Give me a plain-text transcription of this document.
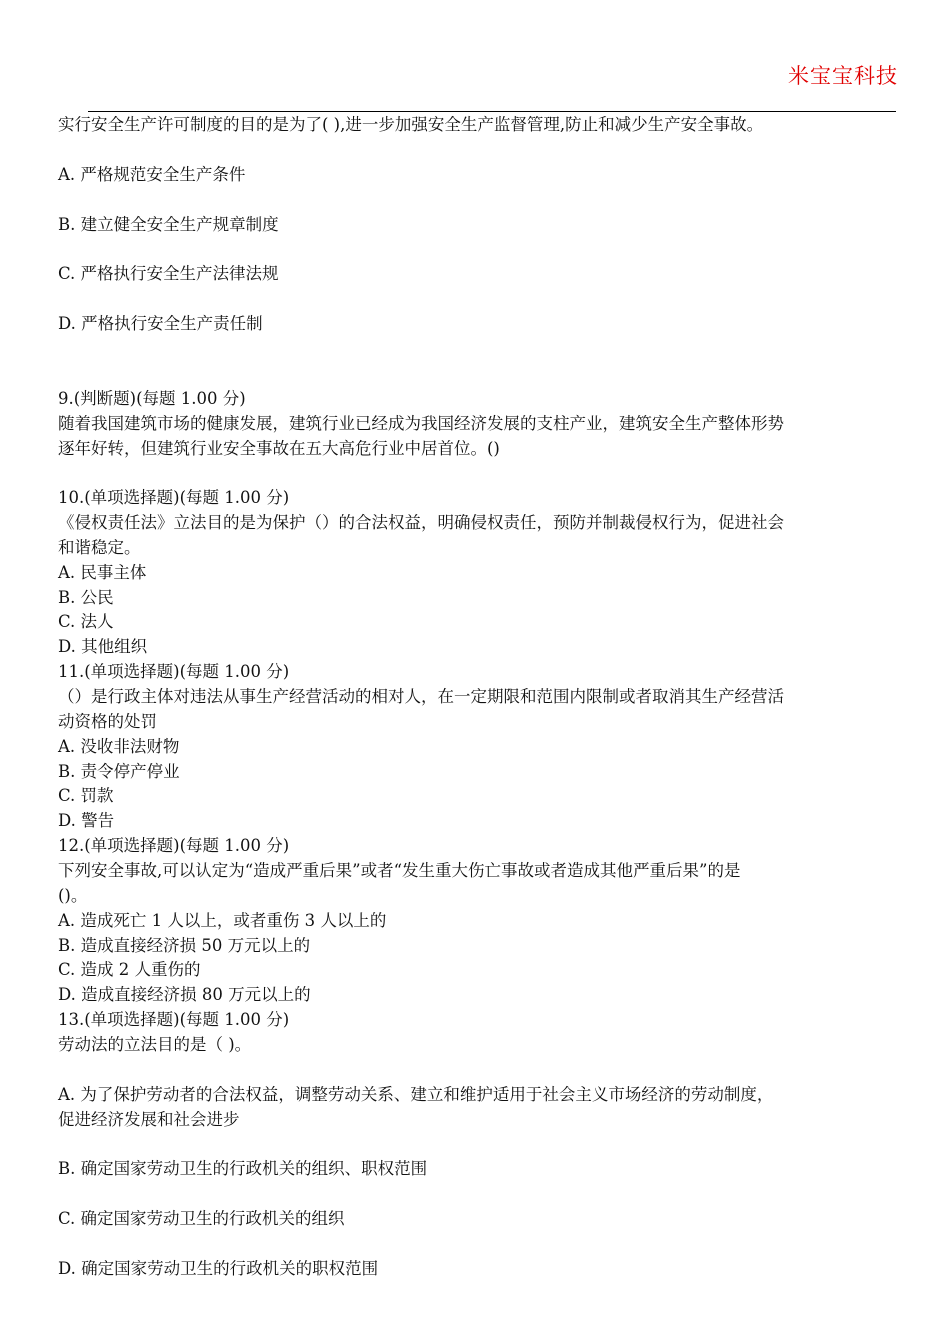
米宝宝科技
实行安全生产许可制度的目的是为了( ),进一步加强安全生产监督管理,防止和减少生产安全事故。
A. 严格规范安全生产条件
B. 建立健全安全生产规章制度
C. 严格执行安全生产法律法规
D. 严格执行安全生产责任制
9.(判断题)(每题 1.00 分)
随着我国建筑市场的健康发展，建筑行业已经成为我国经济发展的支柱产业，建筑安全生产整体形势
逐年好转，但建筑行业安全事故在五大高危行业中居首位。()
10.(单项选择题)(每题 1.00 分)
《侵权责任法》立法目的是为保护（）的合法权益，明确侵权责任，预防并制裁侵权行为，促进社会
和谐稳定。
A. 民事主体
B. 公民
C. 法人
D. 其他组织
11.(单项选择题)(每题 1.00 分)
（）是行政主体对违法从事生产经营活动的相对人，在一定期限和范围内限制或者取消其生产经营活
动资格的处罚
A. 没收非法财物
B. 责令停产停业
C. 罚款
D. 警告
12.(单项选择题)(每题 1.00 分)
下列安全事故,可以认定为“造成严重后果”或者“发生重大伤亡事故或者造成其他严重后果”的是
()。
A. 造成死亡 1 人以上，或者重伤 3 人以上的
B. 造成直接经济损 50 万元以上的
C. 造成 2 人重伤的
D. 造成直接经济损 80 万元以上的
13.(单项选择题)(每题 1.00 分)
劳动法的立法目的是（ )。
A. 为了保护劳动者的合法权益，调整劳动关系、建立和维护适用于社会主义市场经济的劳动制度，
促进经济发展和社会进步
B. 确定国家劳动卫生的行政机关的组织、职权范围
C. 确定国家劳动卫生的行政机关的组织
D. 确定国家劳动卫生的行政机关的职权范围
